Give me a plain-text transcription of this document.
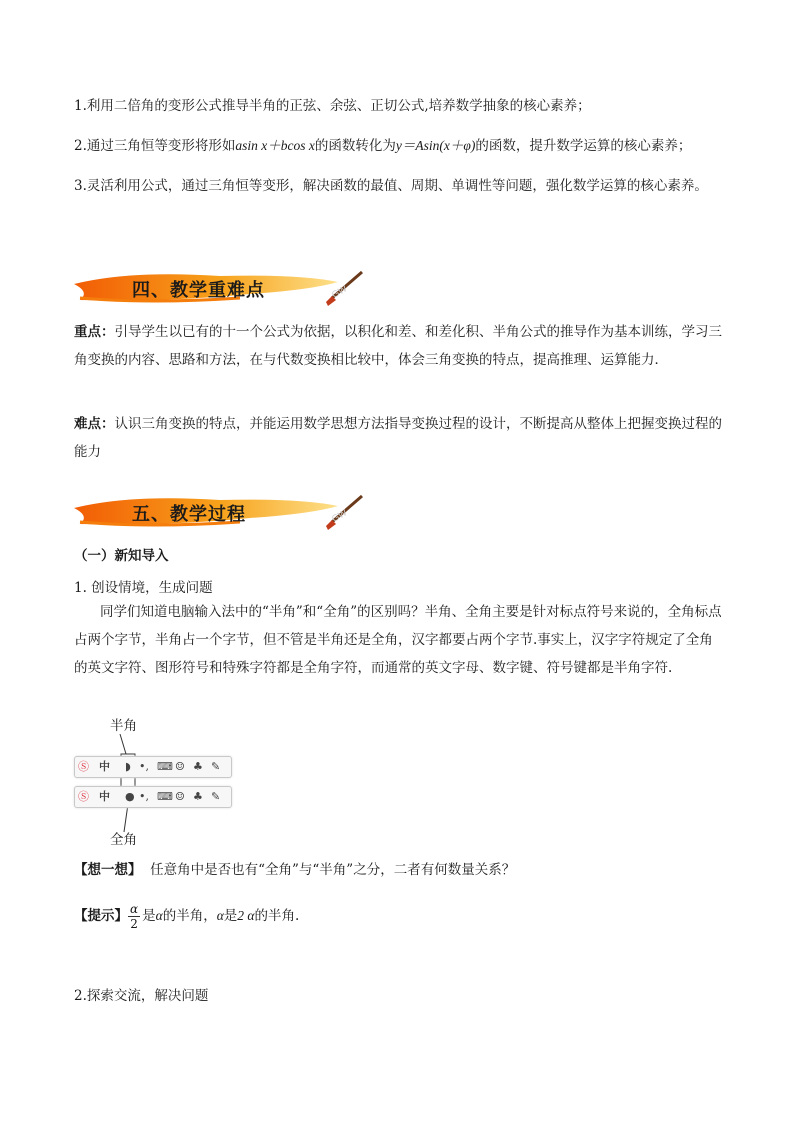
1.利用二倍角的变形公式推导半角的正弦、余弦、正切公式,培养数学抽象的核心素养；
2.通过三角恒等变形将形如asin x＋bcos x的函数转化为y＝Asin(x＋φ)的函数，提升数学运算的核心素养；
3.灵活利用公式，通过三角恒等变形，解决函数的最值、周期、单调性等问题，强化数学运算的核心素养。
GW
四、教学重难点
重点：引导学生以已有的十一个公式为依据，以积化和差、和差化积、半角公式的推导作为基本训练，学习三角变换的内容、思路和方法，在与代数变换相比较中，体会三角变换的特点，提高推理、运算能力．
难点：认识三角变换的特点，并能运用数学思想方法指导变换过程的设计，不断提高从整体上把握变换过程的能力
GW
五、教学过程
（一）新知导入
1. 创设情境，生成问题
同学们知道电脑输入法中的“半角”和“全角”的区别吗？半角、全角主要是针对标点符号来说的，全角标点占两个字节，半角占一个字节，但不管是半角还是全角，汉字都要占两个字节.事实上，汉字字符规定了全角的英文字符、图形符号和特殊字符都是全角字符，而通常的英文字母、数字键、符号键都是半角字符.
半角
Ⓢ 中 ◗ •, ⌨ ☺ ♣ ✎
Ⓢ 中 ● •, ⌨ ☺ ♣ ✎
全角
【想一想】 任意角中是否也有“全角”与“半角”之分，二者有何数量关系？
【提示】 $\frac{\alpha}{2}$ 是α的半角，α是2 α的半角.
2.探索交流，解决问题
